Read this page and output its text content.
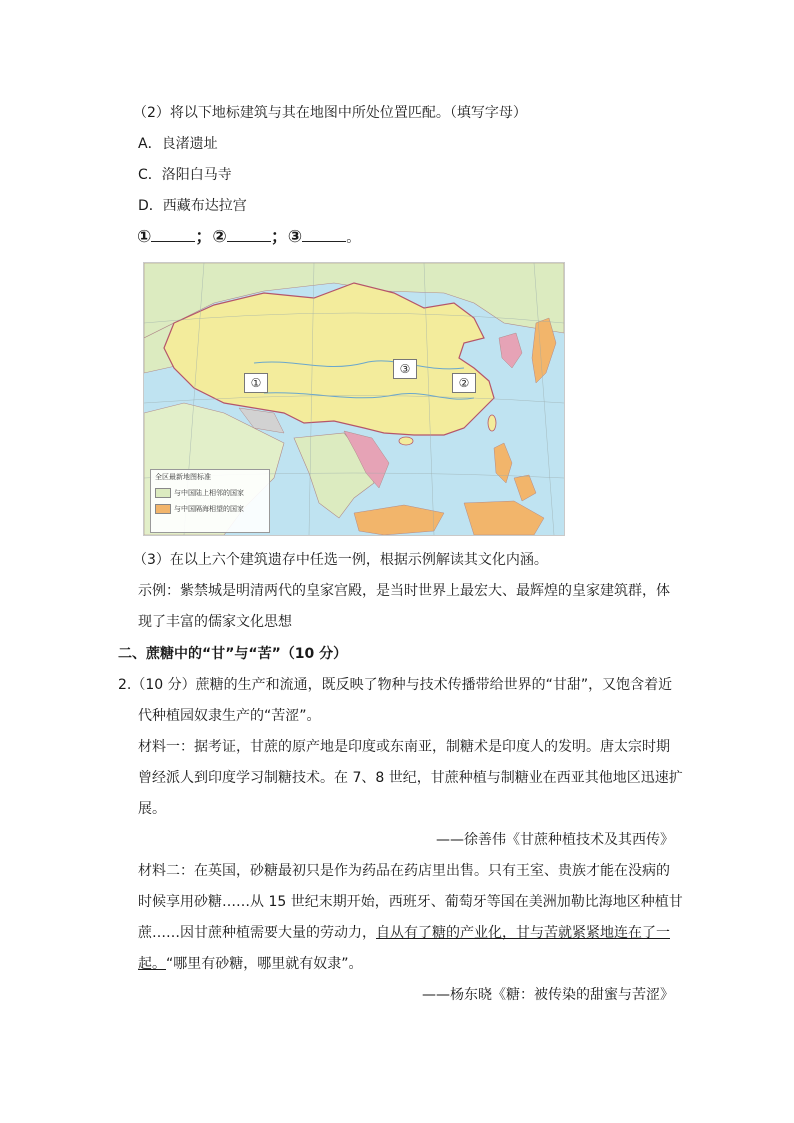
（2）将以下地标建筑与其在地图中所处位置匹配。（填写字母）
A．良渚遗址
C．洛阳白马寺
D．西藏布达拉宫
①	；②	；③	。
①
③
②
全区最新地图标准
与中国陆上相邻的国家
与中国隔海相望的国家
（3）在以上六个建筑遗存中任选一例，根据示例解读其文化内涵。
示例：紫禁城是明清两代的皇家宫殿，是当时世界上最宏大、最辉煌的皇家建筑群，体
现了丰富的儒家文化思想
二、蔗糖中的“甘”与“苦”（10 分）
2.（10 分）蔗糖的生产和流通，既反映了物种与技术传播带给世界的“甘甜”，又饱含着近
代种植园奴隶生产的“苦涩”。
材料一：据考证，甘蔗的原产地是印度或东南亚，制糖术是印度人的发明。唐太宗时期
曾经派人到印度学习制糖技术。在 7、8 世纪，甘蔗种植与制糖业在西亚其他地区迅速扩
展。
——徐善伟《甘蔗种植技术及其西传》
材料二：在英国，砂糖最初只是作为药品在药店里出售。只有王室、贵族才能在没病的
时候享用砂糖……从 15 世纪末期开始，西班牙、葡萄牙等国在美洲加勒比海地区种植甘
蔗……因甘蔗种植需要大量的劳动力，自从有了糖的产业化，甘与苦就紧紧地连在了一
起。“哪里有砂糖，哪里就有奴隶”。
——杨东晓《糖：被传染的甜蜜与苦涩》
